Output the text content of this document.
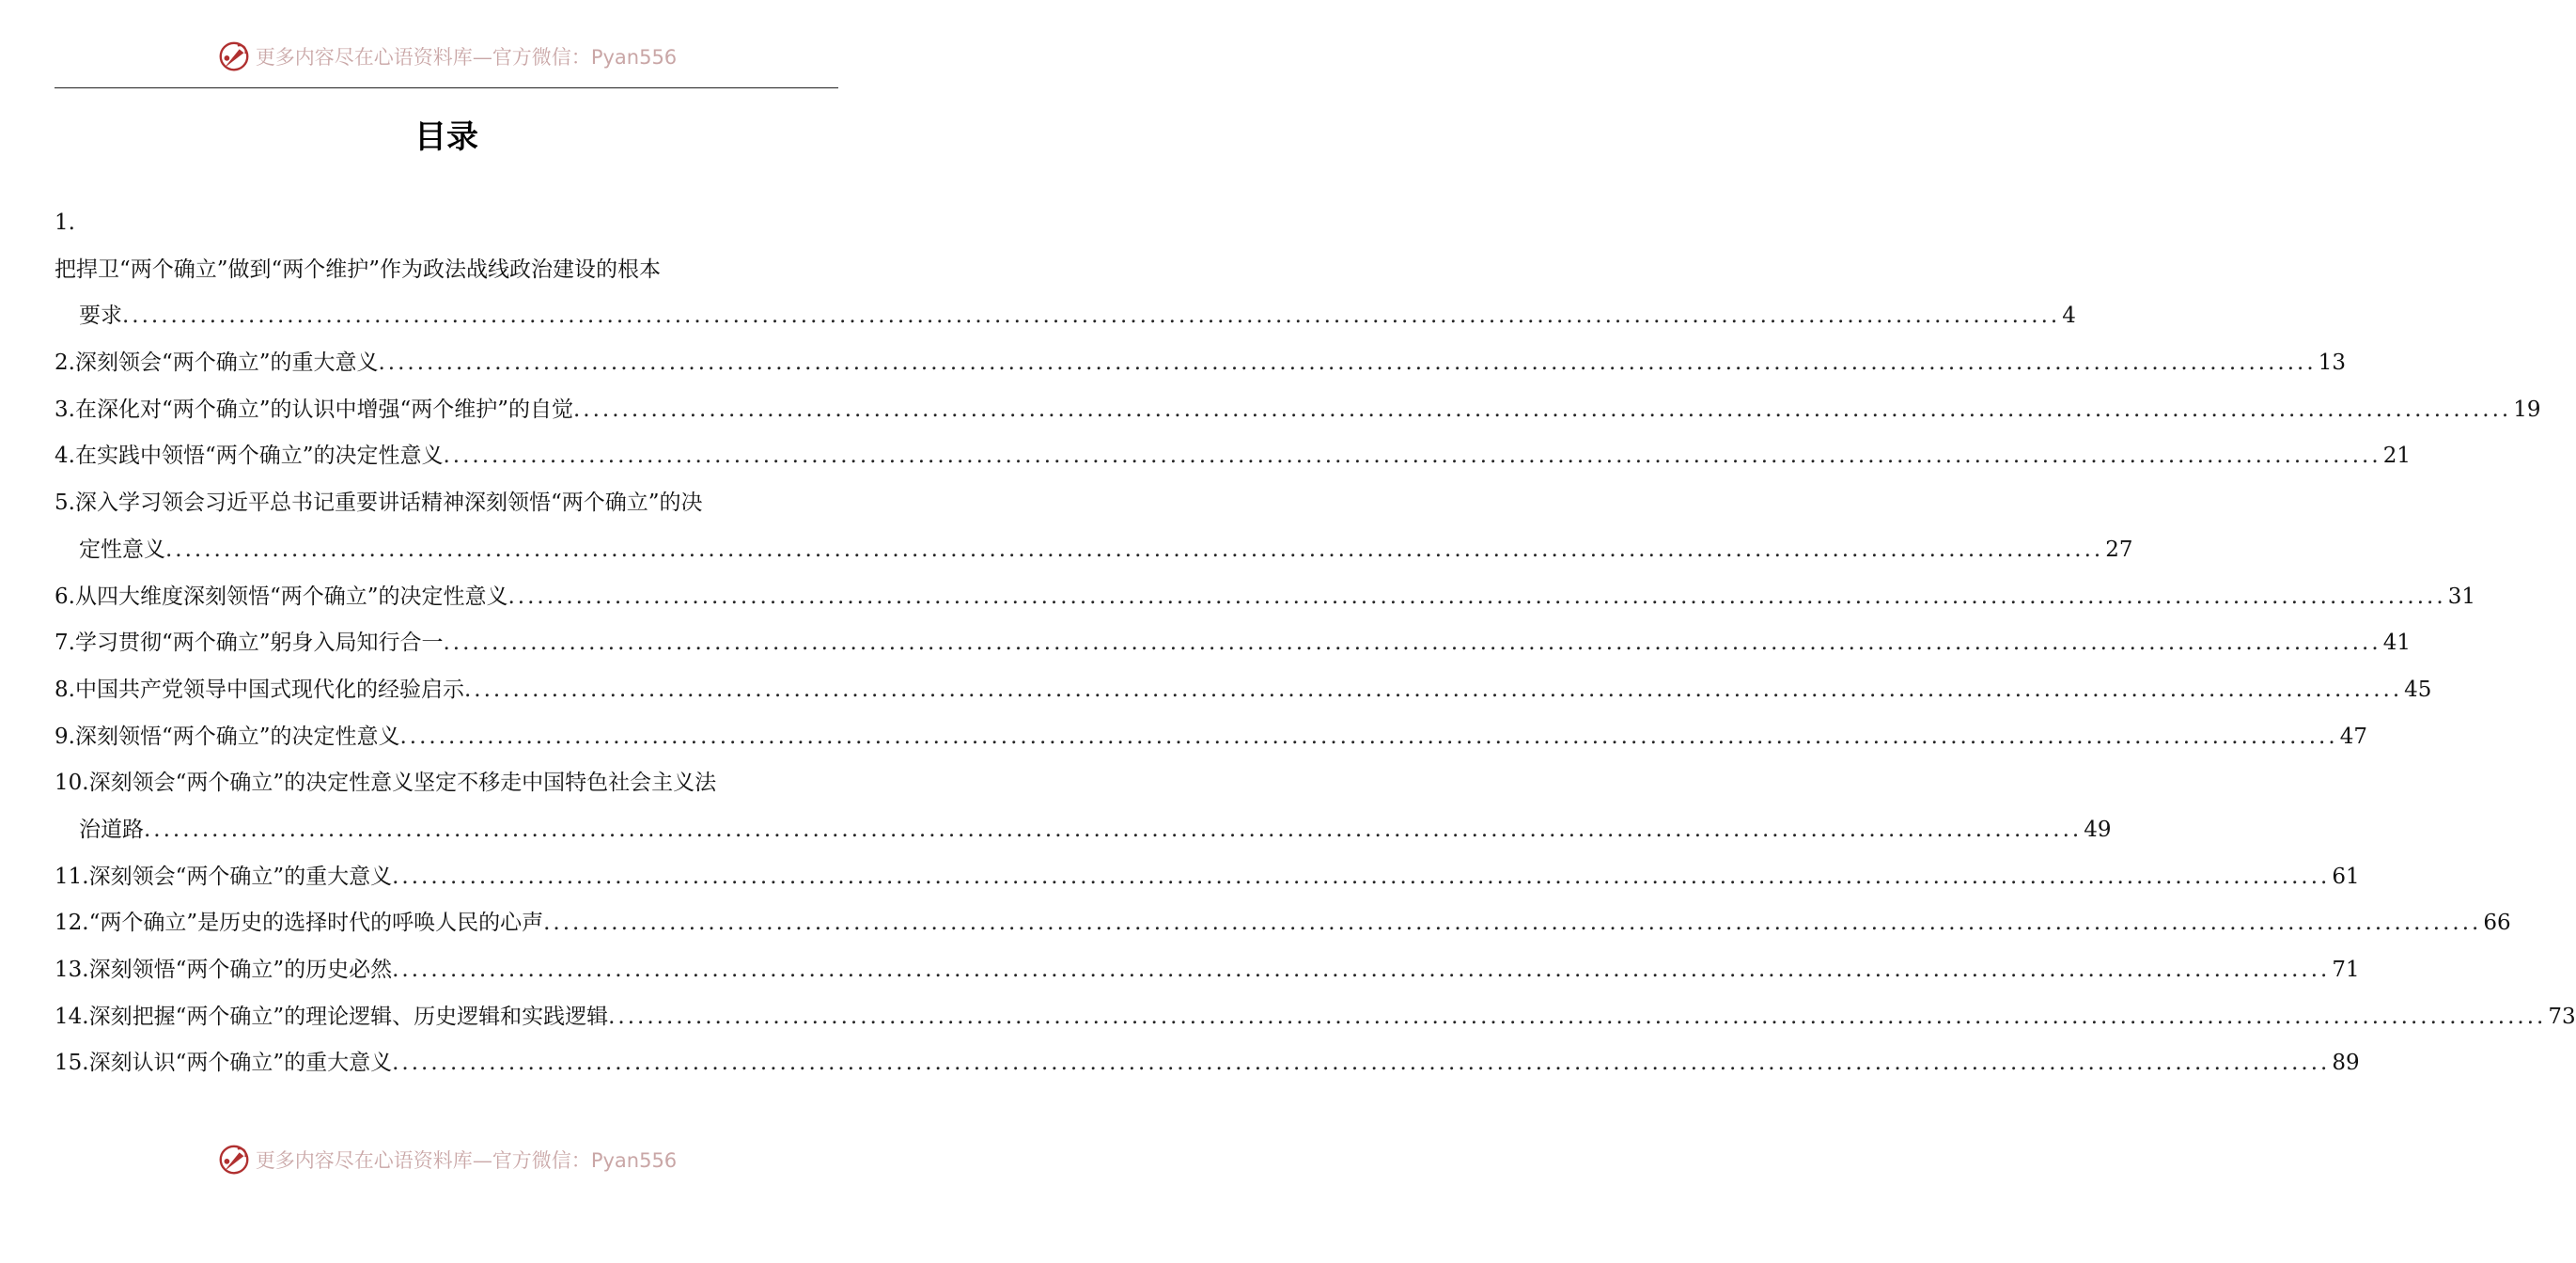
更多内容尽在心语资料库—官方微信：Pyan556
目录
1.
把捍卫“两个确立”做到“两个维护”作为政法战线政治建设的根本
要求 ........................................................................................................................................................................................................ 4
2.深刻领会“两个确立”的重大意义 ........................................................................................................................................................................................................ 13
3.在深化对“两个确立”的认识中增强“两个维护”的自觉 ........................................................................................................................................................................................................ 19
4.在实践中领悟“两个确立”的决定性意义 ........................................................................................................................................................................................................ 21
5.深入学习领会习近平总书记重要讲话精神深刻领悟“两个确立”的决
定性意义 ........................................................................................................................................................................................................ 27
6.从四大维度深刻领悟“两个确立”的决定性意义 ........................................................................................................................................................................................................ 31
7.学习贯彻“两个确立”躬身入局知行合一 ........................................................................................................................................................................................................ 41
8.中国共产党领导中国式现代化的经验启示 ........................................................................................................................................................................................................ 45
9.深刻领悟“两个确立”的决定性意义 ........................................................................................................................................................................................................ 47
10.深刻领会“两个确立”的决定性意义坚定不移走中国特色社会主义法
治道路 ........................................................................................................................................................................................................ 49
11.深刻领会“两个确立”的重大意义 ........................................................................................................................................................................................................ 61
12.“两个确立”是历史的选择时代的呼唤人民的心声 ........................................................................................................................................................................................................ 66
13.深刻领悟“两个确立”的历史必然 ........................................................................................................................................................................................................ 71
14.深刻把握“两个确立”的理论逻辑、历史逻辑和实践逻辑 ........................................................................................................................................................................................................ 73
15.深刻认识“两个确立”的重大意义 ........................................................................................................................................................................................................ 89
更多内容尽在心语资料库—官方微信：Pyan556
